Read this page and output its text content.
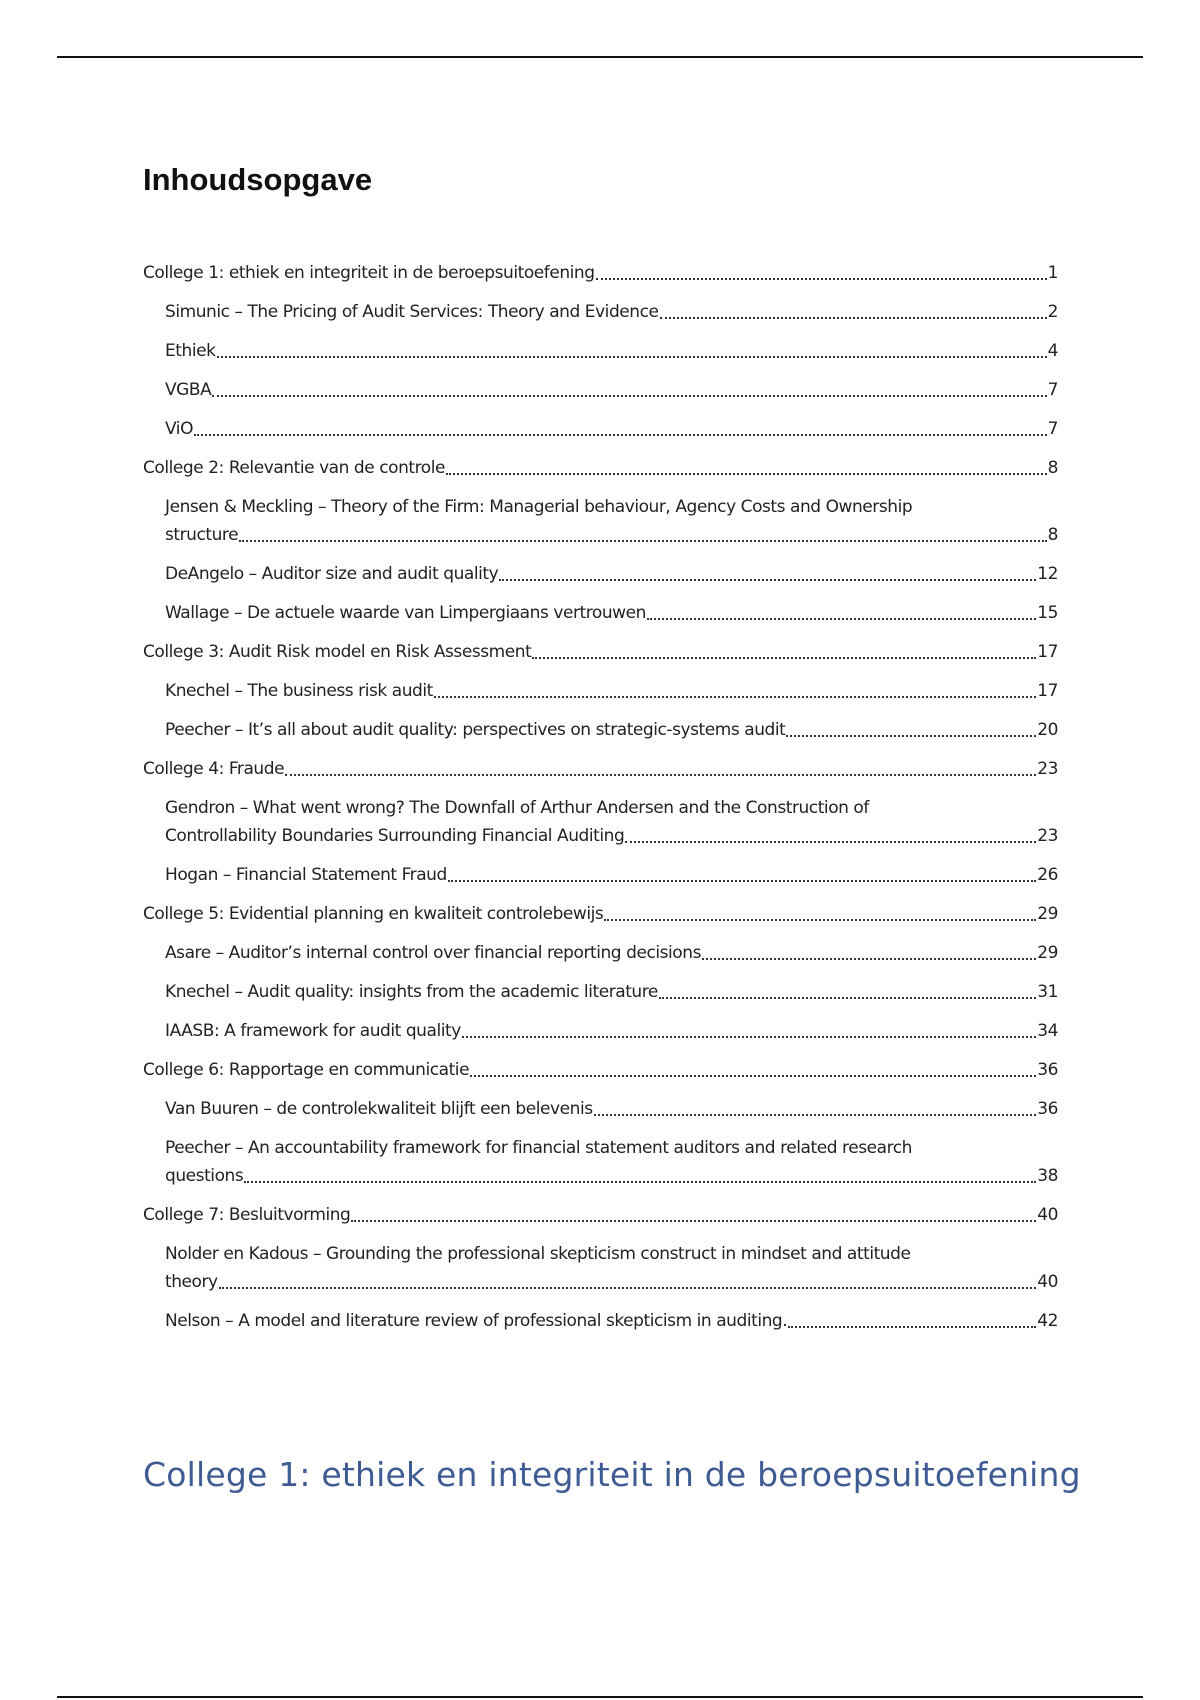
Inhoudsopgave
College 1: ethiek en integriteit in de beroepsuitoefening	1
Simunic – The Pricing of Audit Services: Theory and Evidence	2
Ethiek	4
VGBA	7
ViO	7
College 2: Relevantie van de controle	8
Jensen & Meckling – Theory of the Firm: Managerial behaviour, Agency Costs and Ownership
structure	8
DeAngelo – Auditor size and audit quality	12
Wallage – De actuele waarde van Limpergiaans vertrouwen	15
College 3: Audit Risk model en Risk Assessment	17
Knechel – The business risk audit	17
Peecher – It’s all about audit quality: perspectives on strategic-systems audit	20
College 4: Fraude	23
Gendron – What went wrong? The Downfall of Arthur Andersen and the Construction of
Controllability Boundaries Surrounding Financial Auditing	23
Hogan – Financial Statement Fraud	26
College 5: Evidential planning en kwaliteit controlebewijs	29
Asare – Auditor’s internal control over financial reporting decisions	29
Knechel – Audit quality: insights from the academic literature	31
IAASB: A framework for audit quality	34
College 6: Rapportage en communicatie	36
Van Buuren – de controlekwaliteit blijft een belevenis	36
Peecher – An accountability framework for financial statement auditors and related research
questions	38
College 7: Besluitvorming	40
Nolder en Kadous – Grounding the professional skepticism construct in mindset and attitude
theory	40
Nelson – A model and literature review of professional skepticism in auditing.	42
College 1: ethiek en integriteit in de beroepsuitoefening
